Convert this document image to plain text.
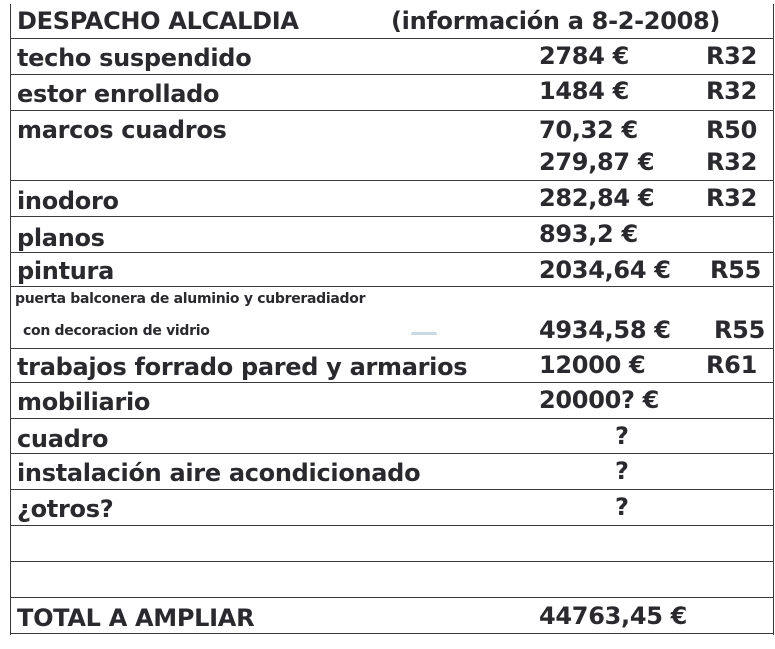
DESPACHO ALCALDIA	(información a 8-2-2008)
techo suspendido	2784 €	R32
estor enrollado	1484 €	R32
marcos cuadros	70,32 €	R50
279,87 € R32
inodoro	282,84 € R32
planos	893,2 €
pintura	2034,64 € R55
puerta balconera de aluminio y cubreradiador
con decoracion de vidrio	4934,58 € R55
trabajos forrado pared y armarios	12000 €	R61
mobiliario	20000? €
cuadro	?
instalación aire acondicionado	?
¿otros?	?
TOTAL A AMPLIAR	44763,45 €
